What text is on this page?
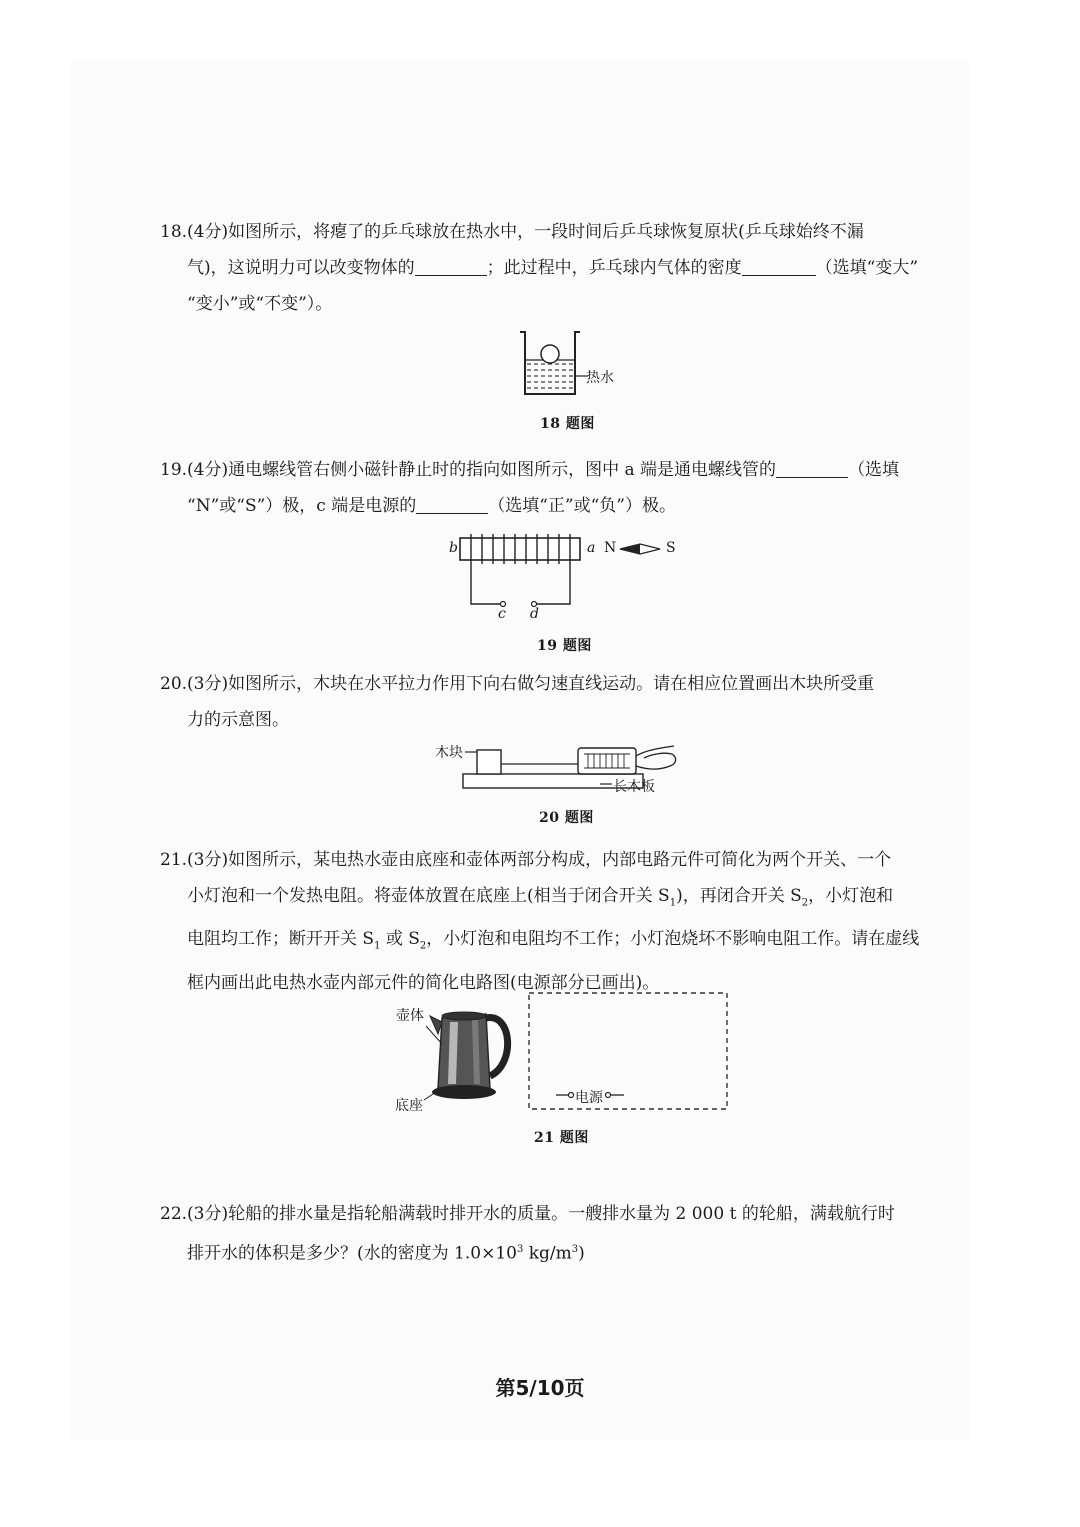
18.(4分)如图所示，将瘪了的乒乓球放在热水中，一段时间后乒乓球恢复原状(乒乓球始终不漏
气)，这说明力可以改变物体的	；此过程中，乒乓球内气体的密度	（选填“变大”
“变小”或“不变”）。
热水
18 题图
19.(4分)通电螺线管右侧小磁针静止时的指向如图所示，图中 a 端是通电螺线管的	（选填
“N”或“S”）极，c 端是电源的	（选填“正”或“负”）极。
b	a N	S
c d
19 题图
20.(3分)如图所示，木块在水平拉力作用下向右做匀速直线运动。请在相应位置画出木块所受重
力的示意图。
木块
长木板
20 题图
21.(3分)如图所示，某电热水壶由底座和壶体两部分构成，内部电路元件可简化为两个开关、一个
小灯泡和一个发热电阻。将壶体放置在底座上(相当于闭合开关 $S_1$)，再闭合开关 $S_2$，小灯泡和
电阻均工作；断开开关 $S_1$ 或 $S_2$，小灯泡和电阻均不工作；小灯泡烧坏不影响电阻工作。请在虚线
框内画出此电热水壶内部元件的简化电路图(电源部分已画出)。
壶体
底座	电源
21 题图
22.(3分)轮船的排水量是指轮船满载时排开水的质量。一艘排水量为 2 000 t 的轮船，满载航行时
排开水的体积是多少？(水的密度为 $1.0\times 10^3$ $kg/m^3$)
第5/10页
